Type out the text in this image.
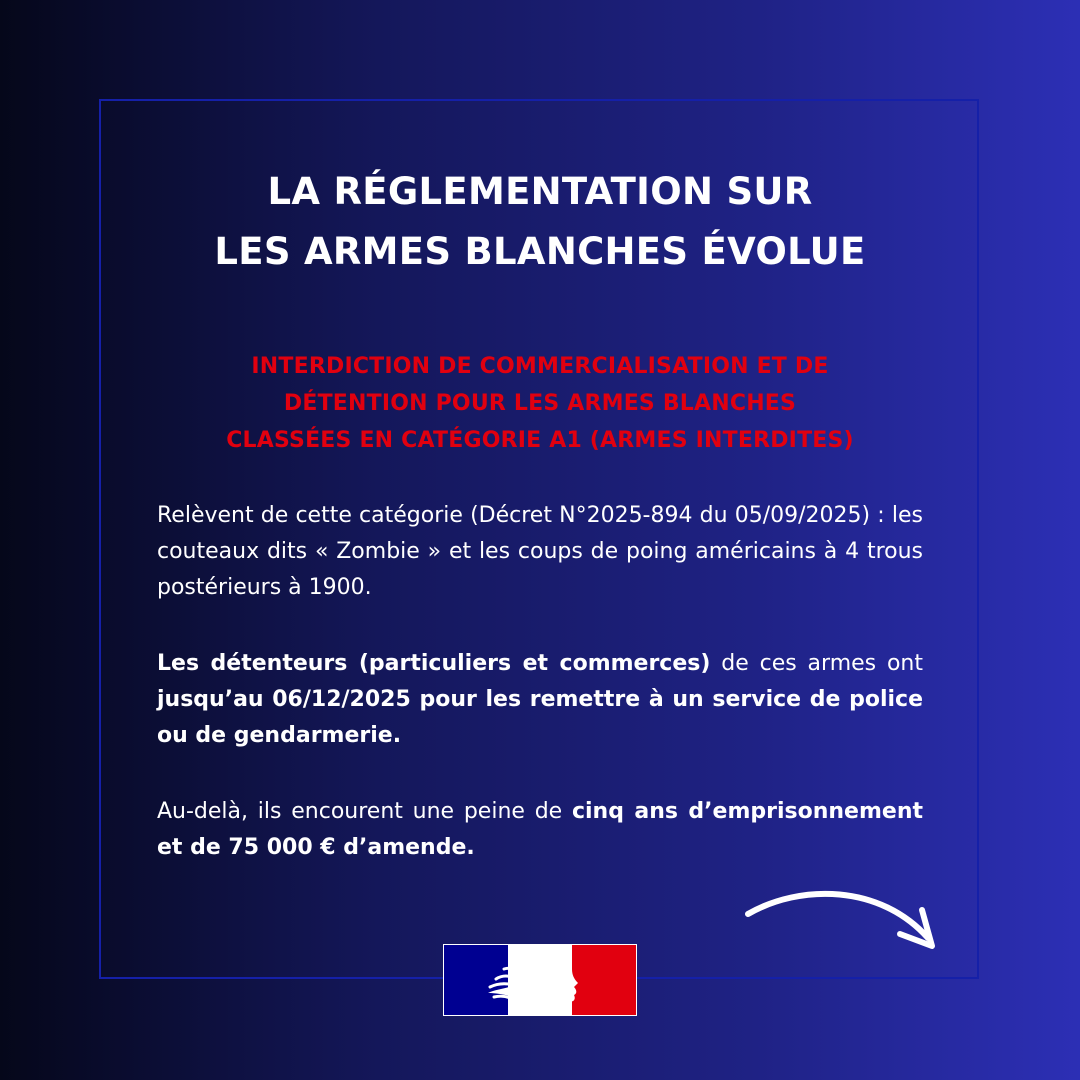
LA RÉGLEMENTATION SUR
LES ARMES BLANCHES ÉVOLUE
INTERDICTION DE COMMERCIALISATION ET DE
DÉTENTION POUR LES ARMES BLANCHES
CLASSÉES EN CATÉGORIE A1 (ARMES INTERDITES)

Relèvent de cette catégorie (Décret N°2025-894 du 05/09/2025) : les couteaux dits « Zombie » et les coups de poing américains à 4 trous postérieurs à 1900.

Les détenteurs (particuliers et commerces) de ces armes ont jusqu’au 06/12/2025 pour les remettre à un service de police ou de gendarmerie.

Au-delà, ils encourent une peine de cinq ans d’emprisonnement et de 75 000 € d’amende.
